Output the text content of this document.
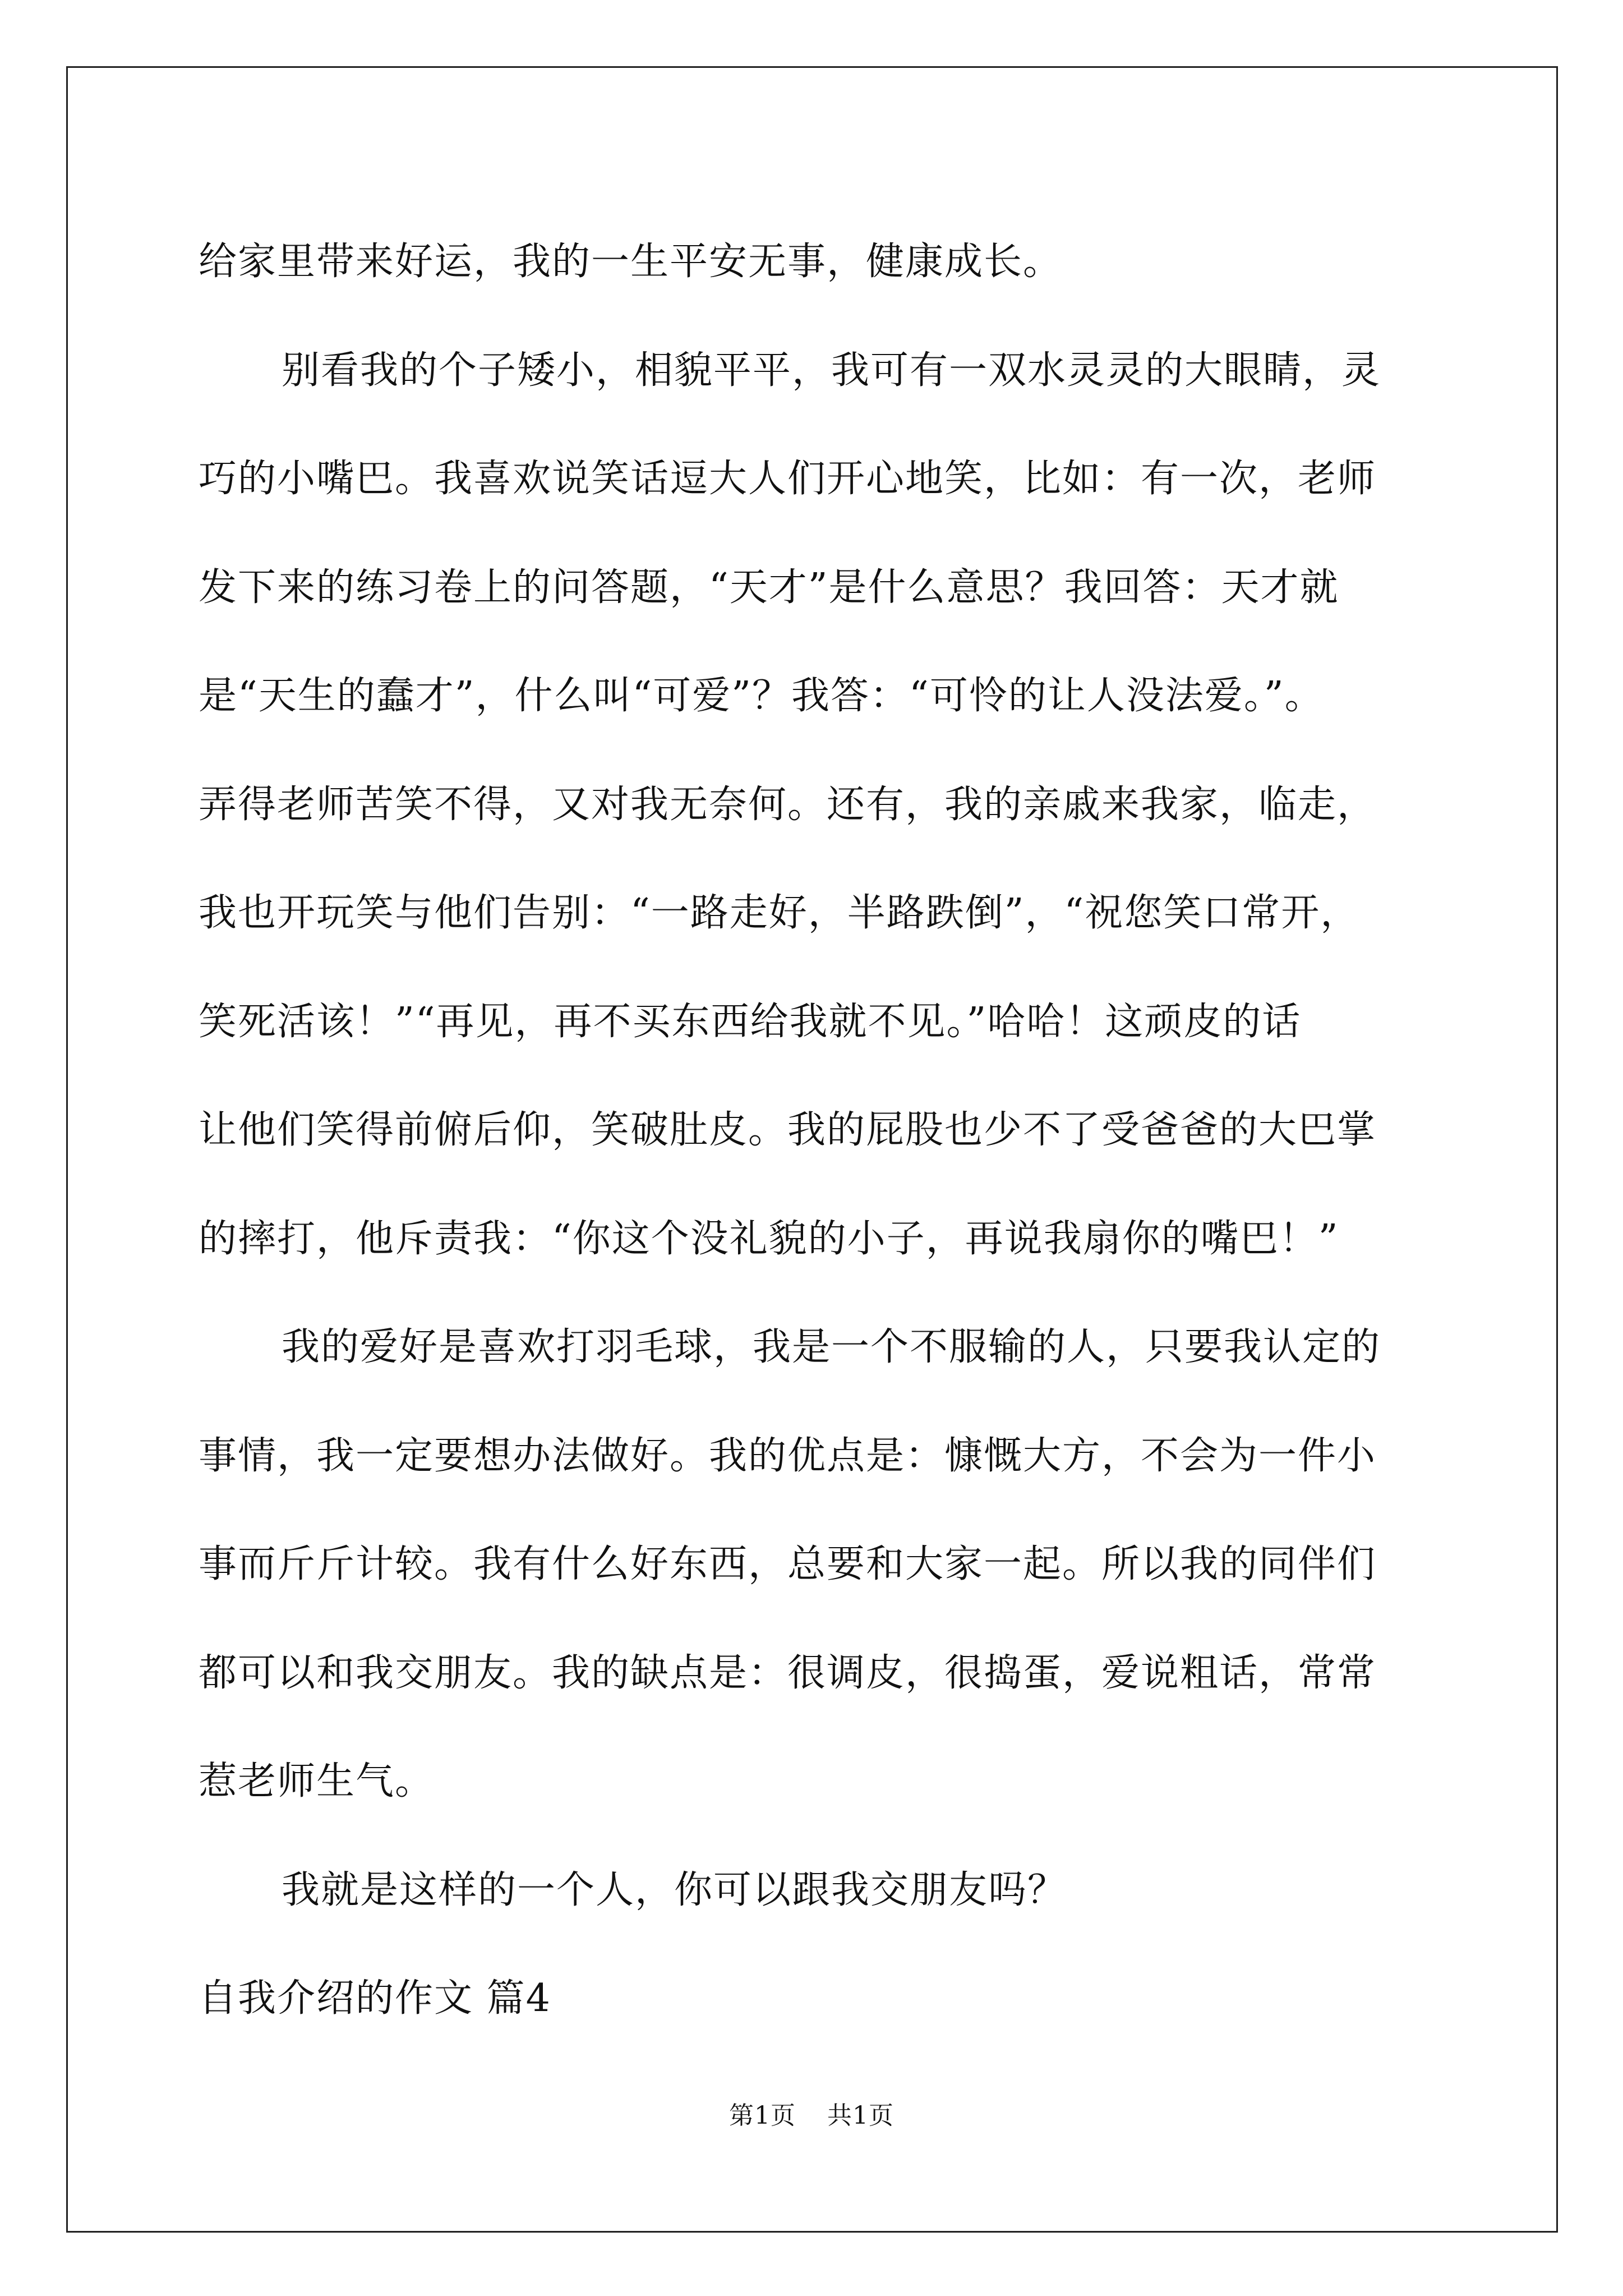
给家里带来好运，我的一生平安无事，健康成长。
别看我的个子矮小，相貌平平，我可有一双水灵灵的大眼睛，灵
巧的小嘴巴。我喜欢说笑话逗大人们开心地笑，比如：有一次，老师
发下来的练习卷上的问答题，“天才”是什么意思？我回答：天才就
是“天生的蠢才”，什么叫“可爱”？我答：“可怜的让人没法爱。”。
弄得老师苦笑不得，又对我无奈何。还有，我的亲戚来我家，临走，
我也开玩笑与他们告别：“一路走好，半路跌倒”，“祝您笑口常开，
笑死活该！”“再见，再不买东西给我就不见。”哈哈！这顽皮的话
让他们笑得前俯后仰，笑破肚皮。我的屁股也少不了受爸爸的大巴掌
的摔打，他斥责我：“你这个没礼貌的小子，再说我扇你的嘴巴！”
我的爱好是喜欢打羽毛球，我是一个不服输的人，只要我认定的
事情，我一定要想办法做好。我的优点是：慷慨大方，不会为一件小
事而斤斤计较。我有什么好东西，总要和大家一起。所以我的同伴们
都可以和我交朋友。我的缺点是：很调皮，很捣蛋，爱说粗话，常常
惹老师生气。
我就是这样的一个人，你可以跟我交朋友吗？
自我介绍的作文 篇4
第1页 共1页
